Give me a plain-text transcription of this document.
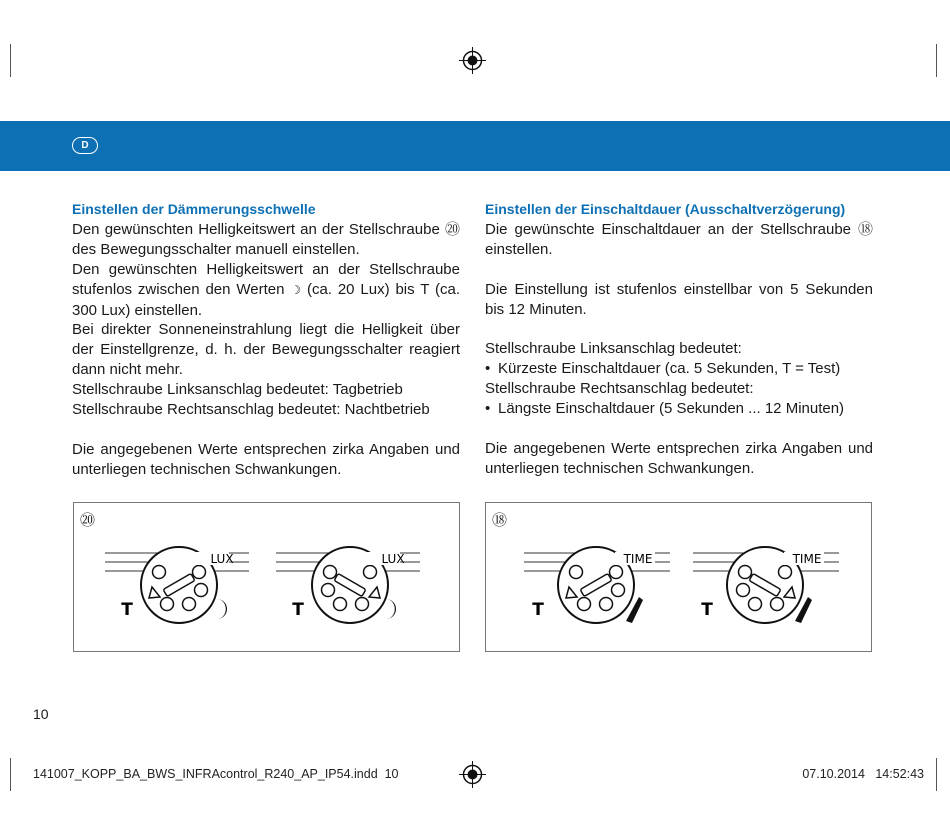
D
Einstellen der Dämmerungsschwelle

Den gewünschten Helligkeitswert an der Stellschraube ⑳ des Bewegungsschalter manuell einstellen.

Den gewünschten Helligkeitswert an der Stellschraube stufenlos zwischen den Werten ☽ (ca. 20 Lux) bis T (ca. 300 Lux) einstellen.

Bei direkter Sonneneinstrahlung liegt die Helligkeit über der Einstellgrenze, d. h. der Bewegungsschalter reagiert dann nicht mehr.

Stellschraube Linksanschlag bedeutet: Tagbetrieb

Stellschraube Rechtsanschlag bedeutet: Nachtbetrieb

Die angegebenen Werte entsprechen zirka Angaben und unterliegen technischen Schwankungen.

Einstellen der Einschaltdauer (Ausschaltverzögerung)

Die gewünschte Einschaltdauer an der Stellschraube ⑱ einstellen.

Die Einstellung ist stufenlos einstellbar von 5 Sekunden bis 12 Minuten.

Stellschraube Linksanschlag bedeutet:

• Kürzeste Einschaltdauer (ca. 5 Sekunden, T = Test)

Stellschraube Rechtsanschlag bedeutet:

• Längste Einschaltdauer (5 Sekunden ... 12 Minuten)

Die angegebenen Werte entsprechen zirka Angaben und unterliegen technischen Schwankungen.

⑳
LUX
T
LUX
T
⑱
TIME
T
TIME
T
10
141007_KOPP_BA_BWS_INFRAcontrol_R240_AP_IP54.indd 10	07.10.2014 14:52:43
